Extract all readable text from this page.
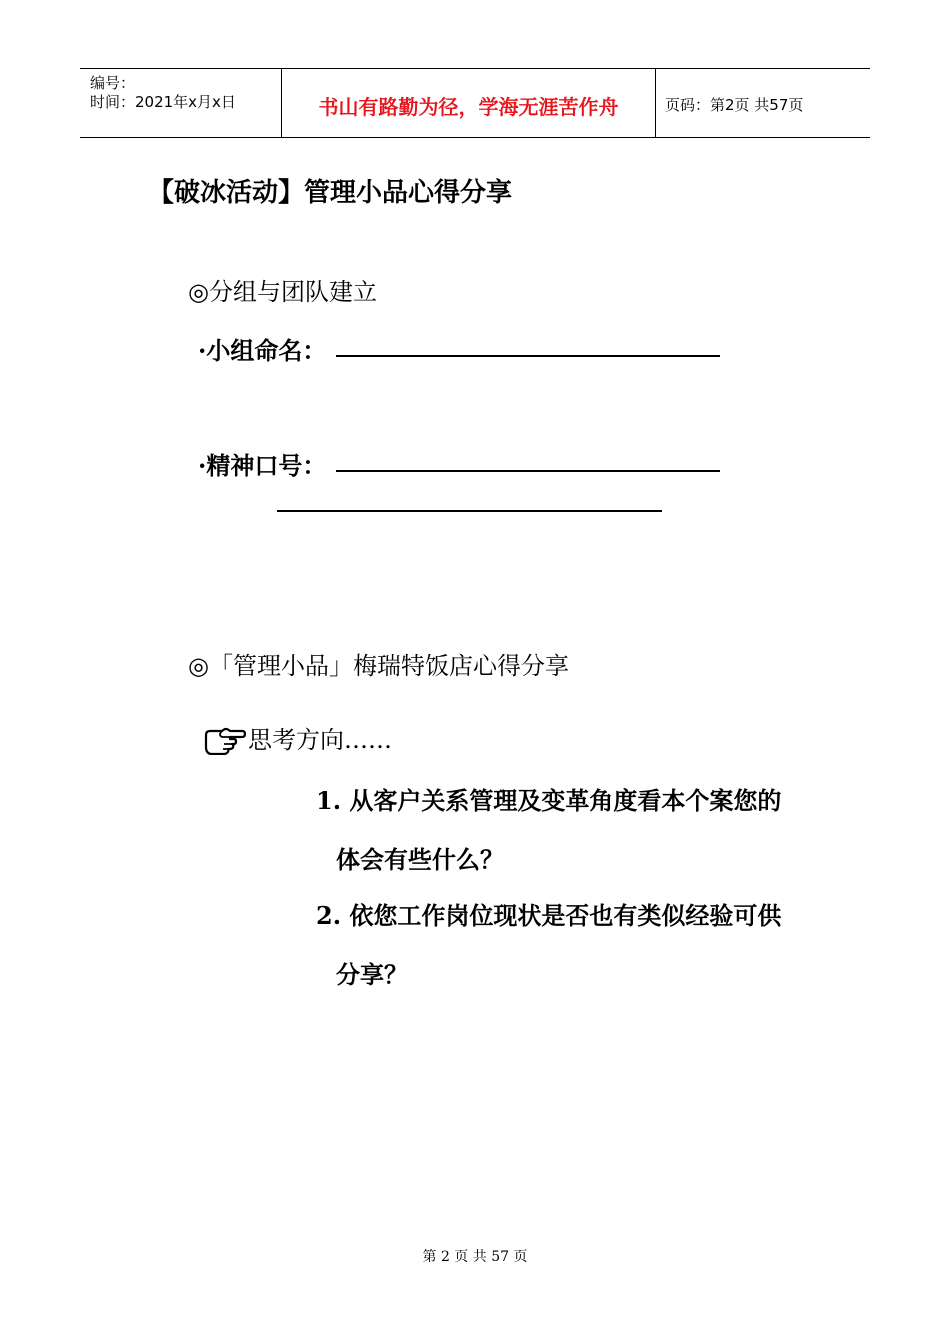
编号：
时间：2021年x月x日	书山有路勤为径，学海无涯苦作舟	页码：第2页 共57页
【破冰活动】管理小品心得分享
◎分组与团队建立
·小组命名：
·精神口号：
◎「管理小品」梅瑞特饭店心得分享
思考方向……
1. 从客户关系管理及变革角度看本个案您的
体会有些什么？
2. 依您工作岗位现状是否也有类似经验可供
分享？
第 2 页 共 57 页
